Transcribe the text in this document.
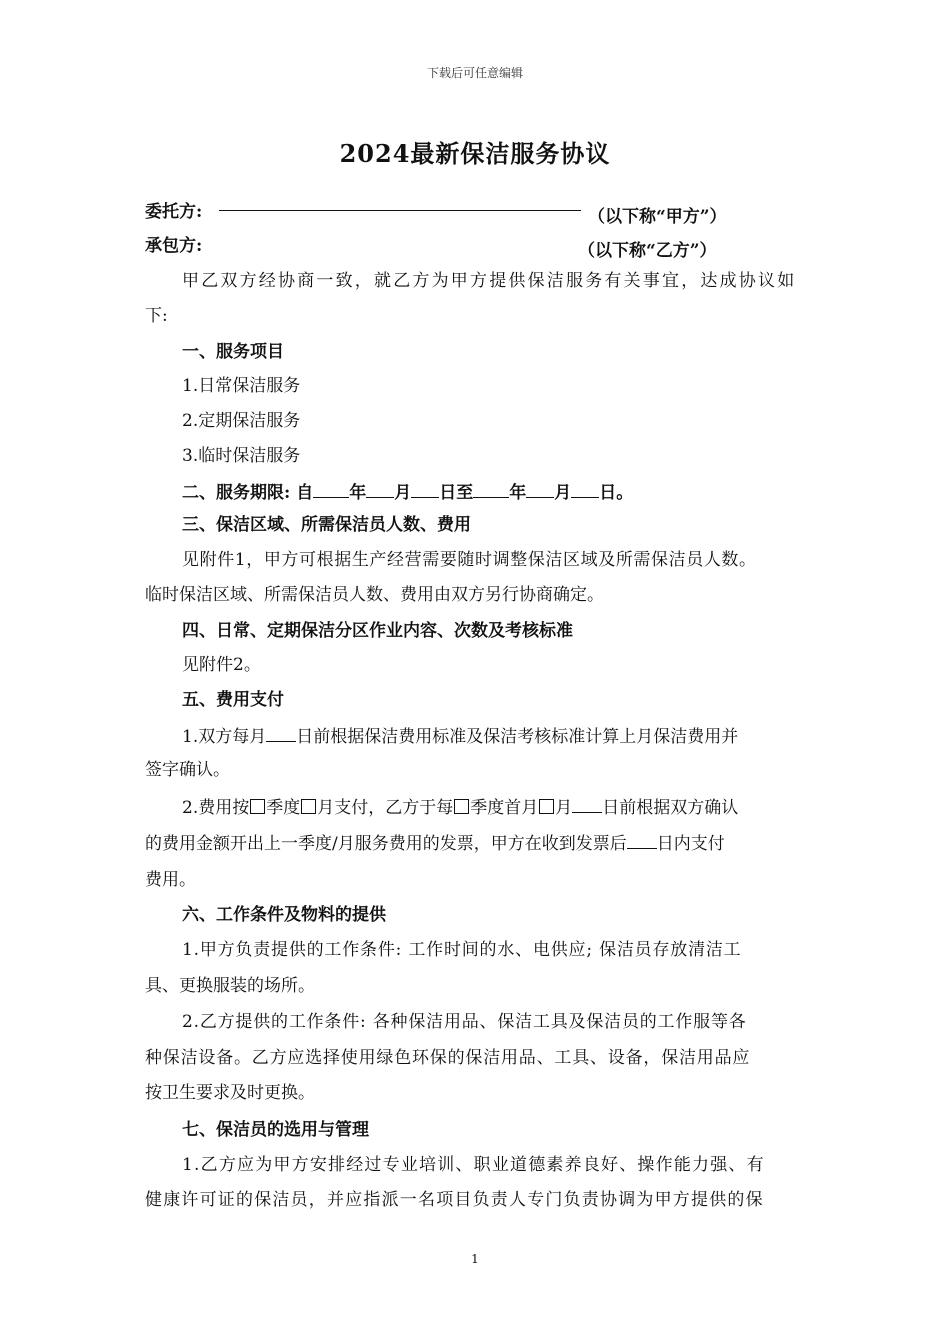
下载后可任意编辑
2024最新保洁服务协议
委托方:	（以下称“甲方”）
承包方:	（以下称“乙方”）
甲乙双方经协商一致，就乙方为甲方提供保洁服务有关事宜，达成协议如
下:
一、服务项目
1.日常保洁服务
2.定期保洁服务
3.临时保洁服务
二、服务期限: 自 年 月 日至 年 月 日。
三、保洁区域、所需保洁员人数、费用
见附件1，甲方可根据生产经营需要随时调整保洁区域及所需保洁员人数。
临时保洁区域、所需保洁员人数、费用由双方另行协商确定。
四、日常、定期保洁分区作业内容、次数及考核标准
见附件2。
五、费用支付
1.双方每月 日前根据保洁费用标准及保洁考核标准计算上月保洁费用并
签字确认。
2.费用按 季度 月支付，乙方于每 季度首月 月 日前根据双方确认
的费用金额开出上一季度/月服务费用的发票，甲方在收到发票后 日内支付
费用。
六、工作条件及物料的提供
1.甲方负责提供的工作条件: 工作时间的水、电供应; 保洁员存放清洁工
具、更换服装的场所。
2.乙方提供的工作条件: 各种保洁用品、保洁工具及保洁员的工作服等各
种保洁设备。乙方应选择使用绿色环保的保洁用品、工具、设备，保洁用品应
按卫生要求及时更换。
七、保洁员的选用与管理
1.乙方应为甲方安排经过专业培训、职业道德素养良好、操作能力强、有
健康许可证的保洁员，并应指派一名项目负责人专门负责协调为甲方提供的保
1
